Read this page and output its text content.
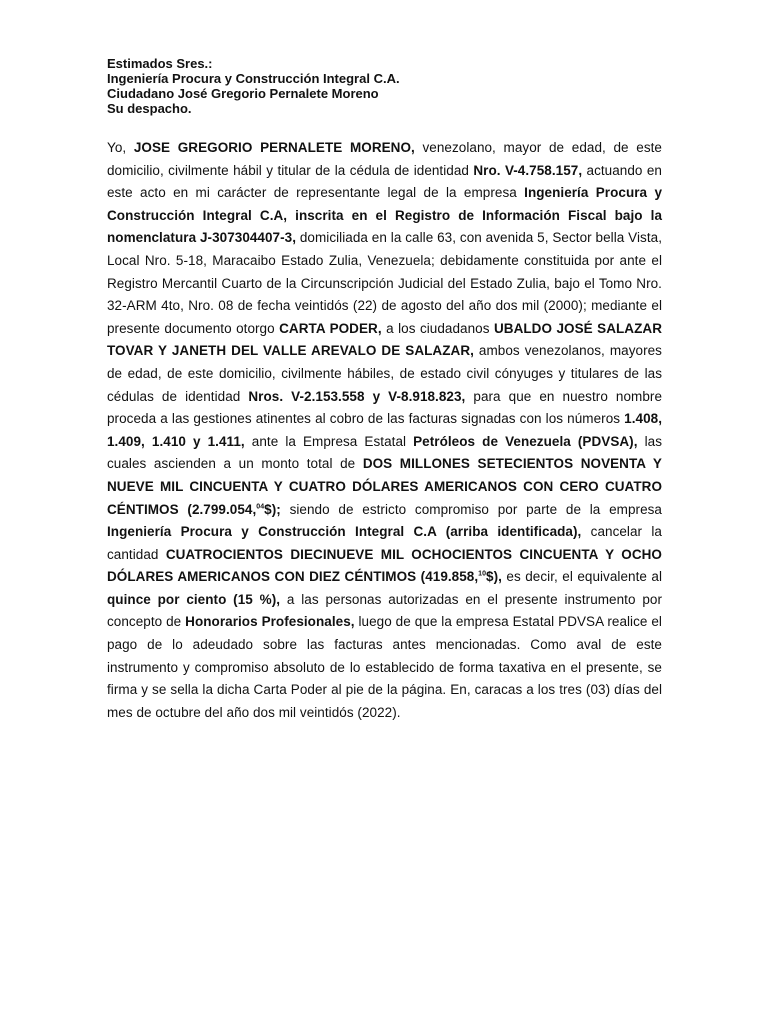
Estimados Sres.:
Ingeniería Procura y Construcción Integral C.A.
Ciudadano José Gregorio Pernalete Moreno
Su despacho.

Yo, JOSE GREGORIO PERNALETE MORENO, venezolano, mayor de edad, de este domicilio, civilmente hábil y titular de la cédula de identidad Nro. V-4.758.157, actuando en este acto en mi carácter de representante legal de la empresa Ingeniería Procura y Construcción Integral C.A, inscrita en el Registro de Información Fiscal bajo la nomenclatura J-307304407-3, domiciliada en la calle 63, con avenida 5, Sector bella Vista, Local Nro. 5-18, Maracaibo Estado Zulia, Venezuela; debidamente constituida por ante el Registro Mercantil Cuarto de la Circunscripción Judicial del Estado Zulia, bajo el Tomo Nro. 32-ARM 4to, Nro. 08 de fecha veintidós (22) de agosto del año dos mil (2000); mediante el presente documento otorgo CARTA PODER, a los ciudadanos UBALDO JOSÉ SALAZAR TOVAR Y JANETH DEL VALLE AREVALO DE SALAZAR, ambos venezolanos, mayores de edad, de este domicilio, civilmente hábiles, de estado civil cónyuges y titulares de las cédulas de identidad Nros. V-2.153.558 y V-8.918.823, para que en nuestro nombre proceda a las gestiones atinentes al cobro de las facturas signadas con los números 1.408, 1.409, 1.410 y 1.411, ante la Empresa Estatal Petróleos de Venezuela (PDVSA), las cuales ascienden a un monto total de DOS MILLONES SETECIENTOS NOVENTA Y NUEVE MIL CINCUENTA Y CUATRO DÓLARES AMERICANOS CON CERO CUATRO CÉNTIMOS (2.799.054,04$); siendo de estricto compromiso por parte de la empresa Ingeniería Procura y Construcción Integral C.A (arriba identificada), cancelar la cantidad CUATROCIENTOS DIECINUEVE MIL OCHOCIENTOS CINCUENTA Y OCHO DÓLARES AMERICANOS CON DIEZ CÉNTIMOS (419.858,10$), es decir, el equivalente al quince por ciento (15 %), a las personas autorizadas en el presente instrumento por concepto de Honorarios Profesionales, luego de que la empresa Estatal PDVSA realice el pago de lo adeudado sobre las facturas antes mencionadas. Como aval de este instrumento y compromiso absoluto de lo establecido de forma taxativa en el presente, se firma y se sella la dicha Carta Poder al pie de la página. En, caracas a los tres (03) días del mes de octubre del año dos mil veintidós (2022).
